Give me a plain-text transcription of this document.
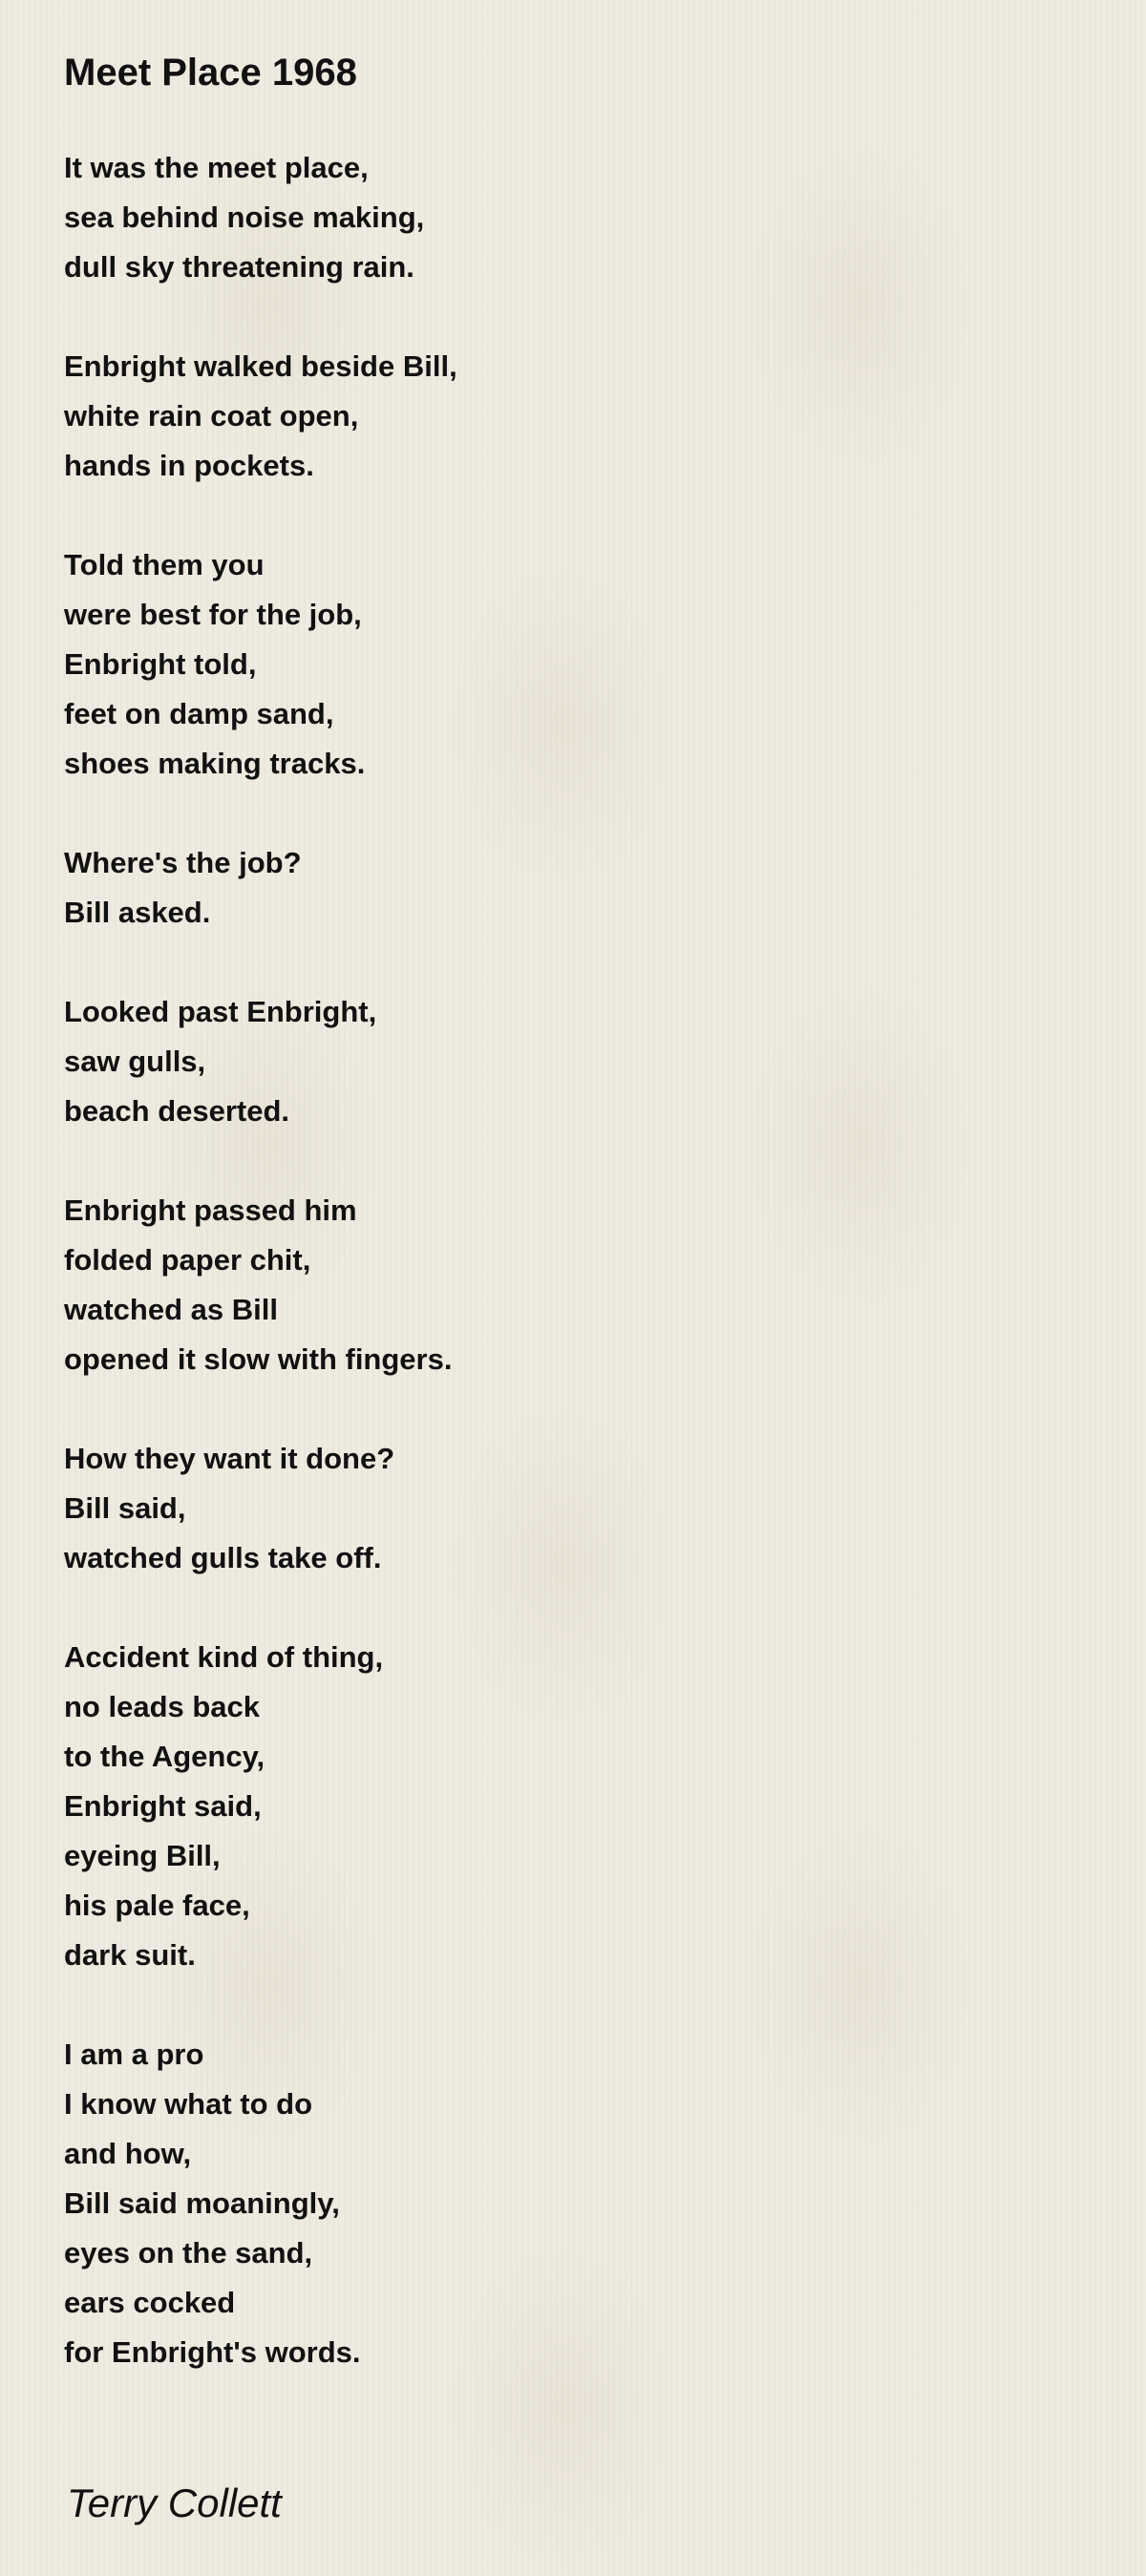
Meet Place 1968
It was the meet place,
sea behind noise making,
dull sky threatening rain.
Enbright walked beside Bill,
white rain coat open,
hands in pockets.
Told them you
were best for the job,
Enbright told,
feet on damp sand,
shoes making tracks.
Where's the job?
Bill asked.
Looked past Enbright,
saw gulls,
beach deserted.
Enbright passed him
folded paper chit,
watched as Bill
opened it slow with fingers.
How they want it done?
Bill said,
watched gulls take off.
Accident kind of thing,
no leads back
to the Agency,
Enbright said,
eyeing Bill,
his pale face,
dark suit.
I am a pro
I know what to do
and how,
Bill said moaningly,
eyes on the sand,
ears cocked
for Enbright's words.
Terry Collett
